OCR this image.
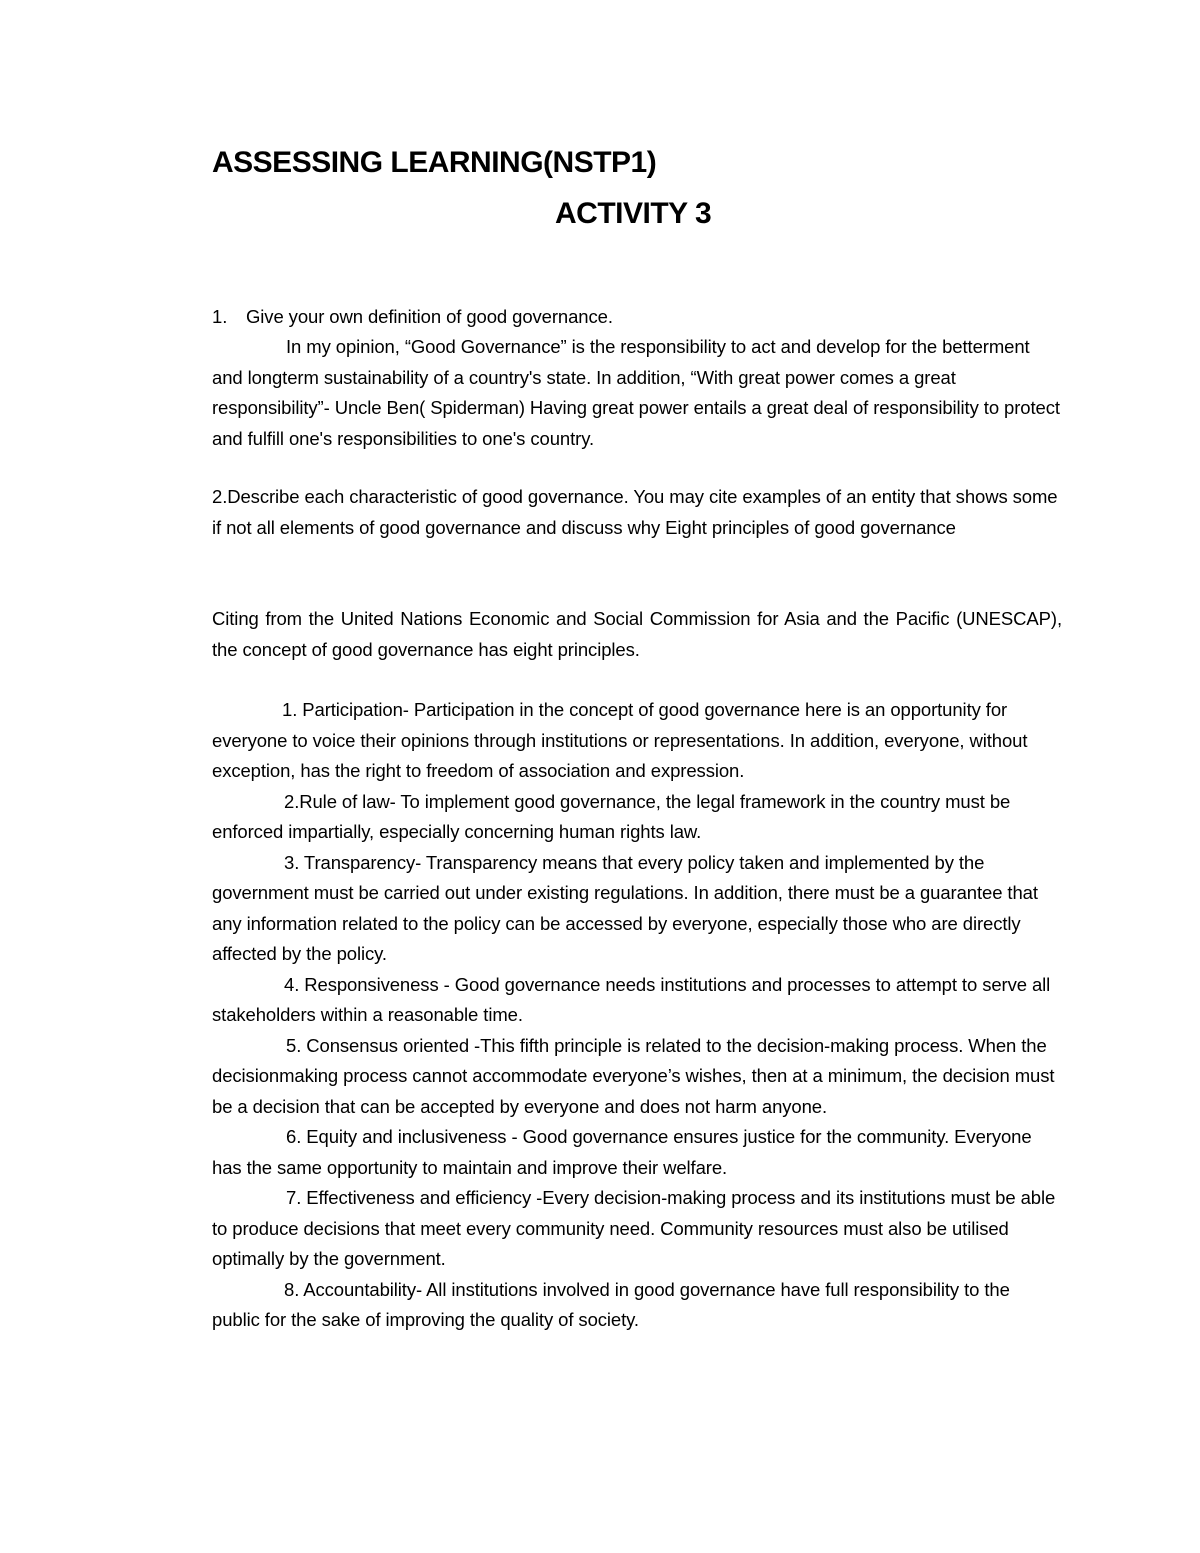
ASSESSING LEARNING(NSTP1)
ACTIVITY 3

1. Give your own definition of good governance.

In my opinion, “Good Governance” is the responsibility to act and develop for the betterment and longterm sustainability of a country's state. In addition, “With great power comes a great responsibility”- Uncle Ben( Spiderman) Having great power entails a great deal of responsibility to protect and fulfill one's responsibilities to one's country.

2.Describe each characteristic of good governance. You may cite examples of an entity that shows some if not all elements of good governance and discuss why Eight principles of good governance

Citing from the United Nations Economic and Social Commission for Asia and the Pacific (UNESCAP), the concept of good governance has eight principles.

1. Participation- Participation in the concept of good governance here is an opportunity for everyone to voice their opinions through institutions or representations. In addition, everyone, without exception, has the right to freedom of association and expression.

2.Rule of law- To implement good governance, the legal framework in the country must be enforced impartially, especially concerning human rights law.

3. Transparency- Transparency means that every policy taken and implemented by the government must be carried out under existing regulations. In addition, there must be a guarantee that any information related to the policy can be accessed by everyone, especially those who are directly affected by the policy.

4. Responsiveness - Good governance needs institutions and processes to attempt to serve all stakeholders within a reasonable time.

5. Consensus oriented -This fifth principle is related to the decision-making process. When the decisionmaking process cannot accommodate everyone’s wishes, then at a minimum, the decision must be a decision that can be accepted by everyone and does not harm anyone.

6. Equity and inclusiveness - Good governance ensures justice for the community. Everyone has the same opportunity to maintain and improve their welfare.

7. Effectiveness and efficiency -Every decision-making process and its institutions must be able to produce decisions that meet every community need. Community resources must also be utilised optimally by the government.

8. Accountability- All institutions involved in good governance have full responsibility to the public for the sake of improving the quality of society.
